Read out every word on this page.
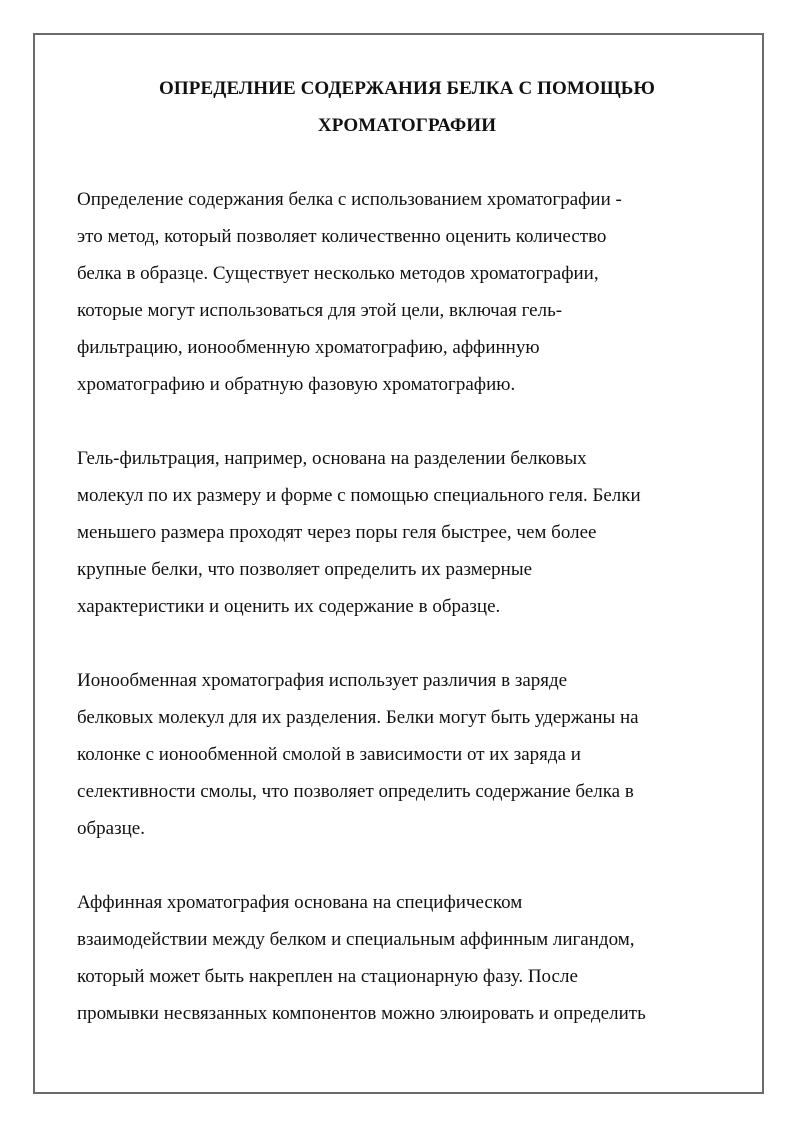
ОПРЕДЕЛНИЕ СОДЕРЖАНИЯ БЕЛКА С ПОМОЩЬЮ
ХРОМАТОГРАФИИ

Определение содержания белка с использованием хроматографии -
это метод, который позволяет количественно оценить количество
белка в образце. Существует несколько методов хроматографии,
которые могут использоваться для этой цели, включая гель-
фильтрацию, ионообменную хроматографию, аффинную
хроматографию и обратную фазовую хроматографию.

Гель-фильтрация, например, основана на разделении белковых
молекул по их размеру и форме с помощью специального геля. Белки
меньшего размера проходят через поры геля быстрее, чем более
крупные белки, что позволяет определить их размерные
характеристики и оценить их содержание в образце.

Ионообменная хроматография использует различия в заряде
белковых молекул для их разделения. Белки могут быть удержаны на
колонке с ионообменной смолой в зависимости от их заряда и
селективности смолы, что позволяет определить содержание белка в
образце.

Аффинная хроматография основана на специфическом
взаимодействии между белком и специальным аффинным лигандом,
который может быть накреплен на стационарную фазу. После
промывки несвязанных компонентов можно элюировать и определить
